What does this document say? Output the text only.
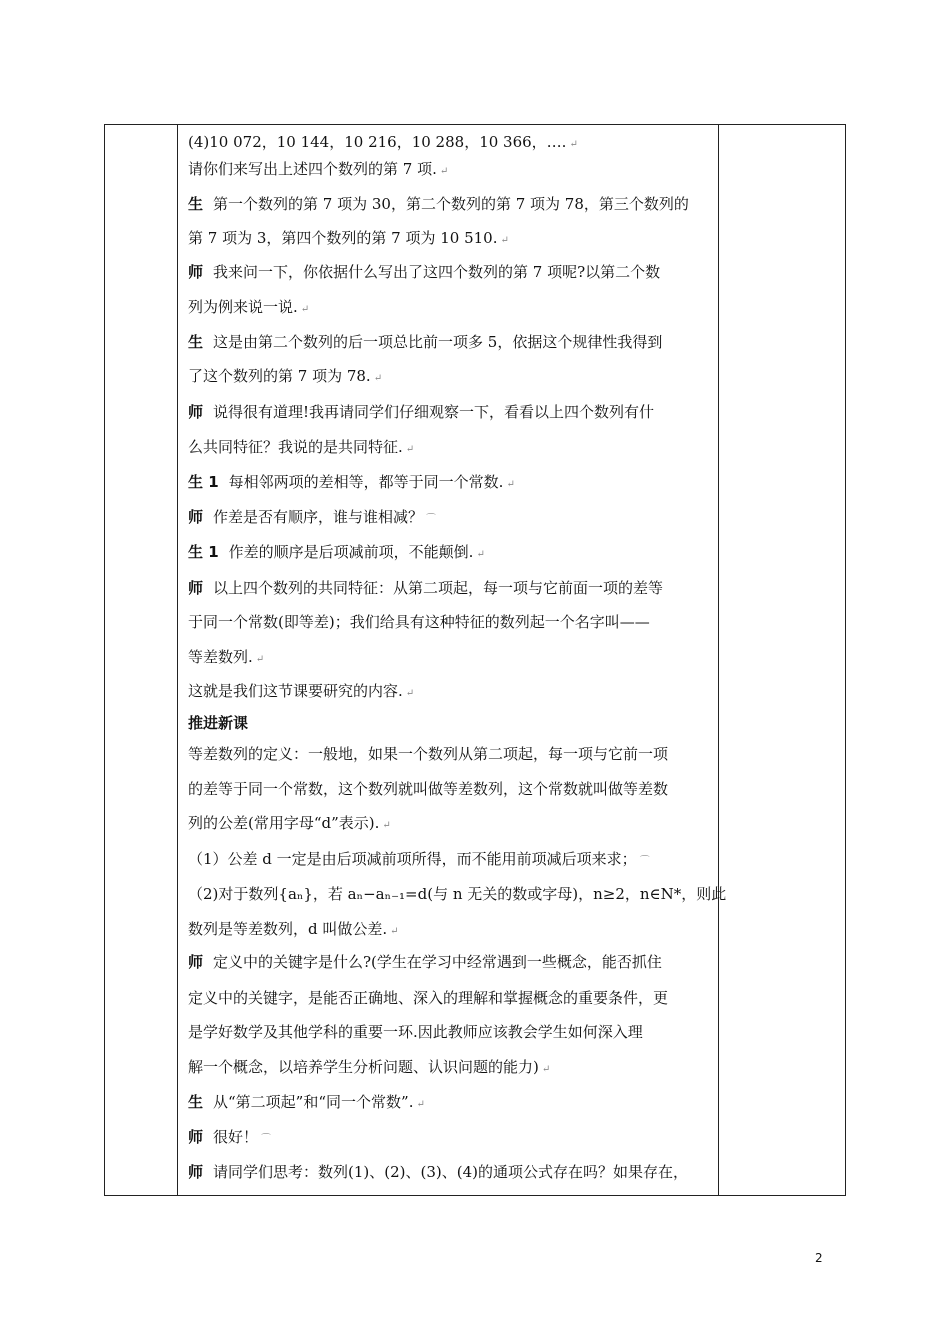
(4)10 072，10 144，10 216，10 288，10 366，…. ↵
请你们来写出上述四个数列的第 7 项. ↵
生 第一个数列的第 7 项为 30，第二个数列的第 7 项为 78，第三个数列的
第 7 项为 3，第四个数列的第 7 项为 10 510. ↵
师 我来问一下，你依据什么写出了这四个数列的第 7 项呢?以第二个数
列为例来说一说. ↵
生 这是由第二个数列的后一项总比前一项多 5，依据这个规律性我得到
了这个数列的第 7 项为 78. ↵
师 说得很有道理!我再请同学们仔细观察一下，看看以上四个数列有什
么共同特征？我说的是共同特征. ↵
生 1 每相邻两项的差相等，都等于同一个常数. ↵
师 作差是否有顺序，谁与谁相减？ ⌒
生 1 作差的顺序是后项减前项，不能颠倒. ↵
师 以上四个数列的共同特征：从第二项起，每一项与它前面一项的差等
于同一个常数(即等差)；我们给具有这种特征的数列起一个名字叫——
等差数列. ↵
这就是我们这节课要研究的内容. ↵
推进新课
等差数列的定义：一般地，如果一个数列从第二项起，每一项与它前一项
的差等于同一个常数，这个数列就叫做等差数列，这个常数就叫做等差数
列的公差(常用字母“d”表示). ↵
（1）公差 d 一定是由后项减前项所得，而不能用前项减后项来求； ⌒
（2)对于数列{aₙ}，若 aₙ−aₙ₋₁=d(与 n 无关的数或字母)，n≥2，n∈N*，则此
数列是等差数列，d 叫做公差. ↵
师 定义中的关键字是什么?(学生在学习中经常遇到一些概念，能否抓住
定义中的关键字，是能否正确地、深入的理解和掌握概念的重要条件，更
是学好数学及其他学科的重要一环.因此教师应该教会学生如何深入理
解一个概念，以培养学生分析问题、认识问题的能力) ↵
生 从“第二项起”和“同一个常数”. ↵
师 很好！ ⌒
师 请同学们思考：数列(1)、(2)、(3)、(4)的通项公式存在吗？如果存在，
2
